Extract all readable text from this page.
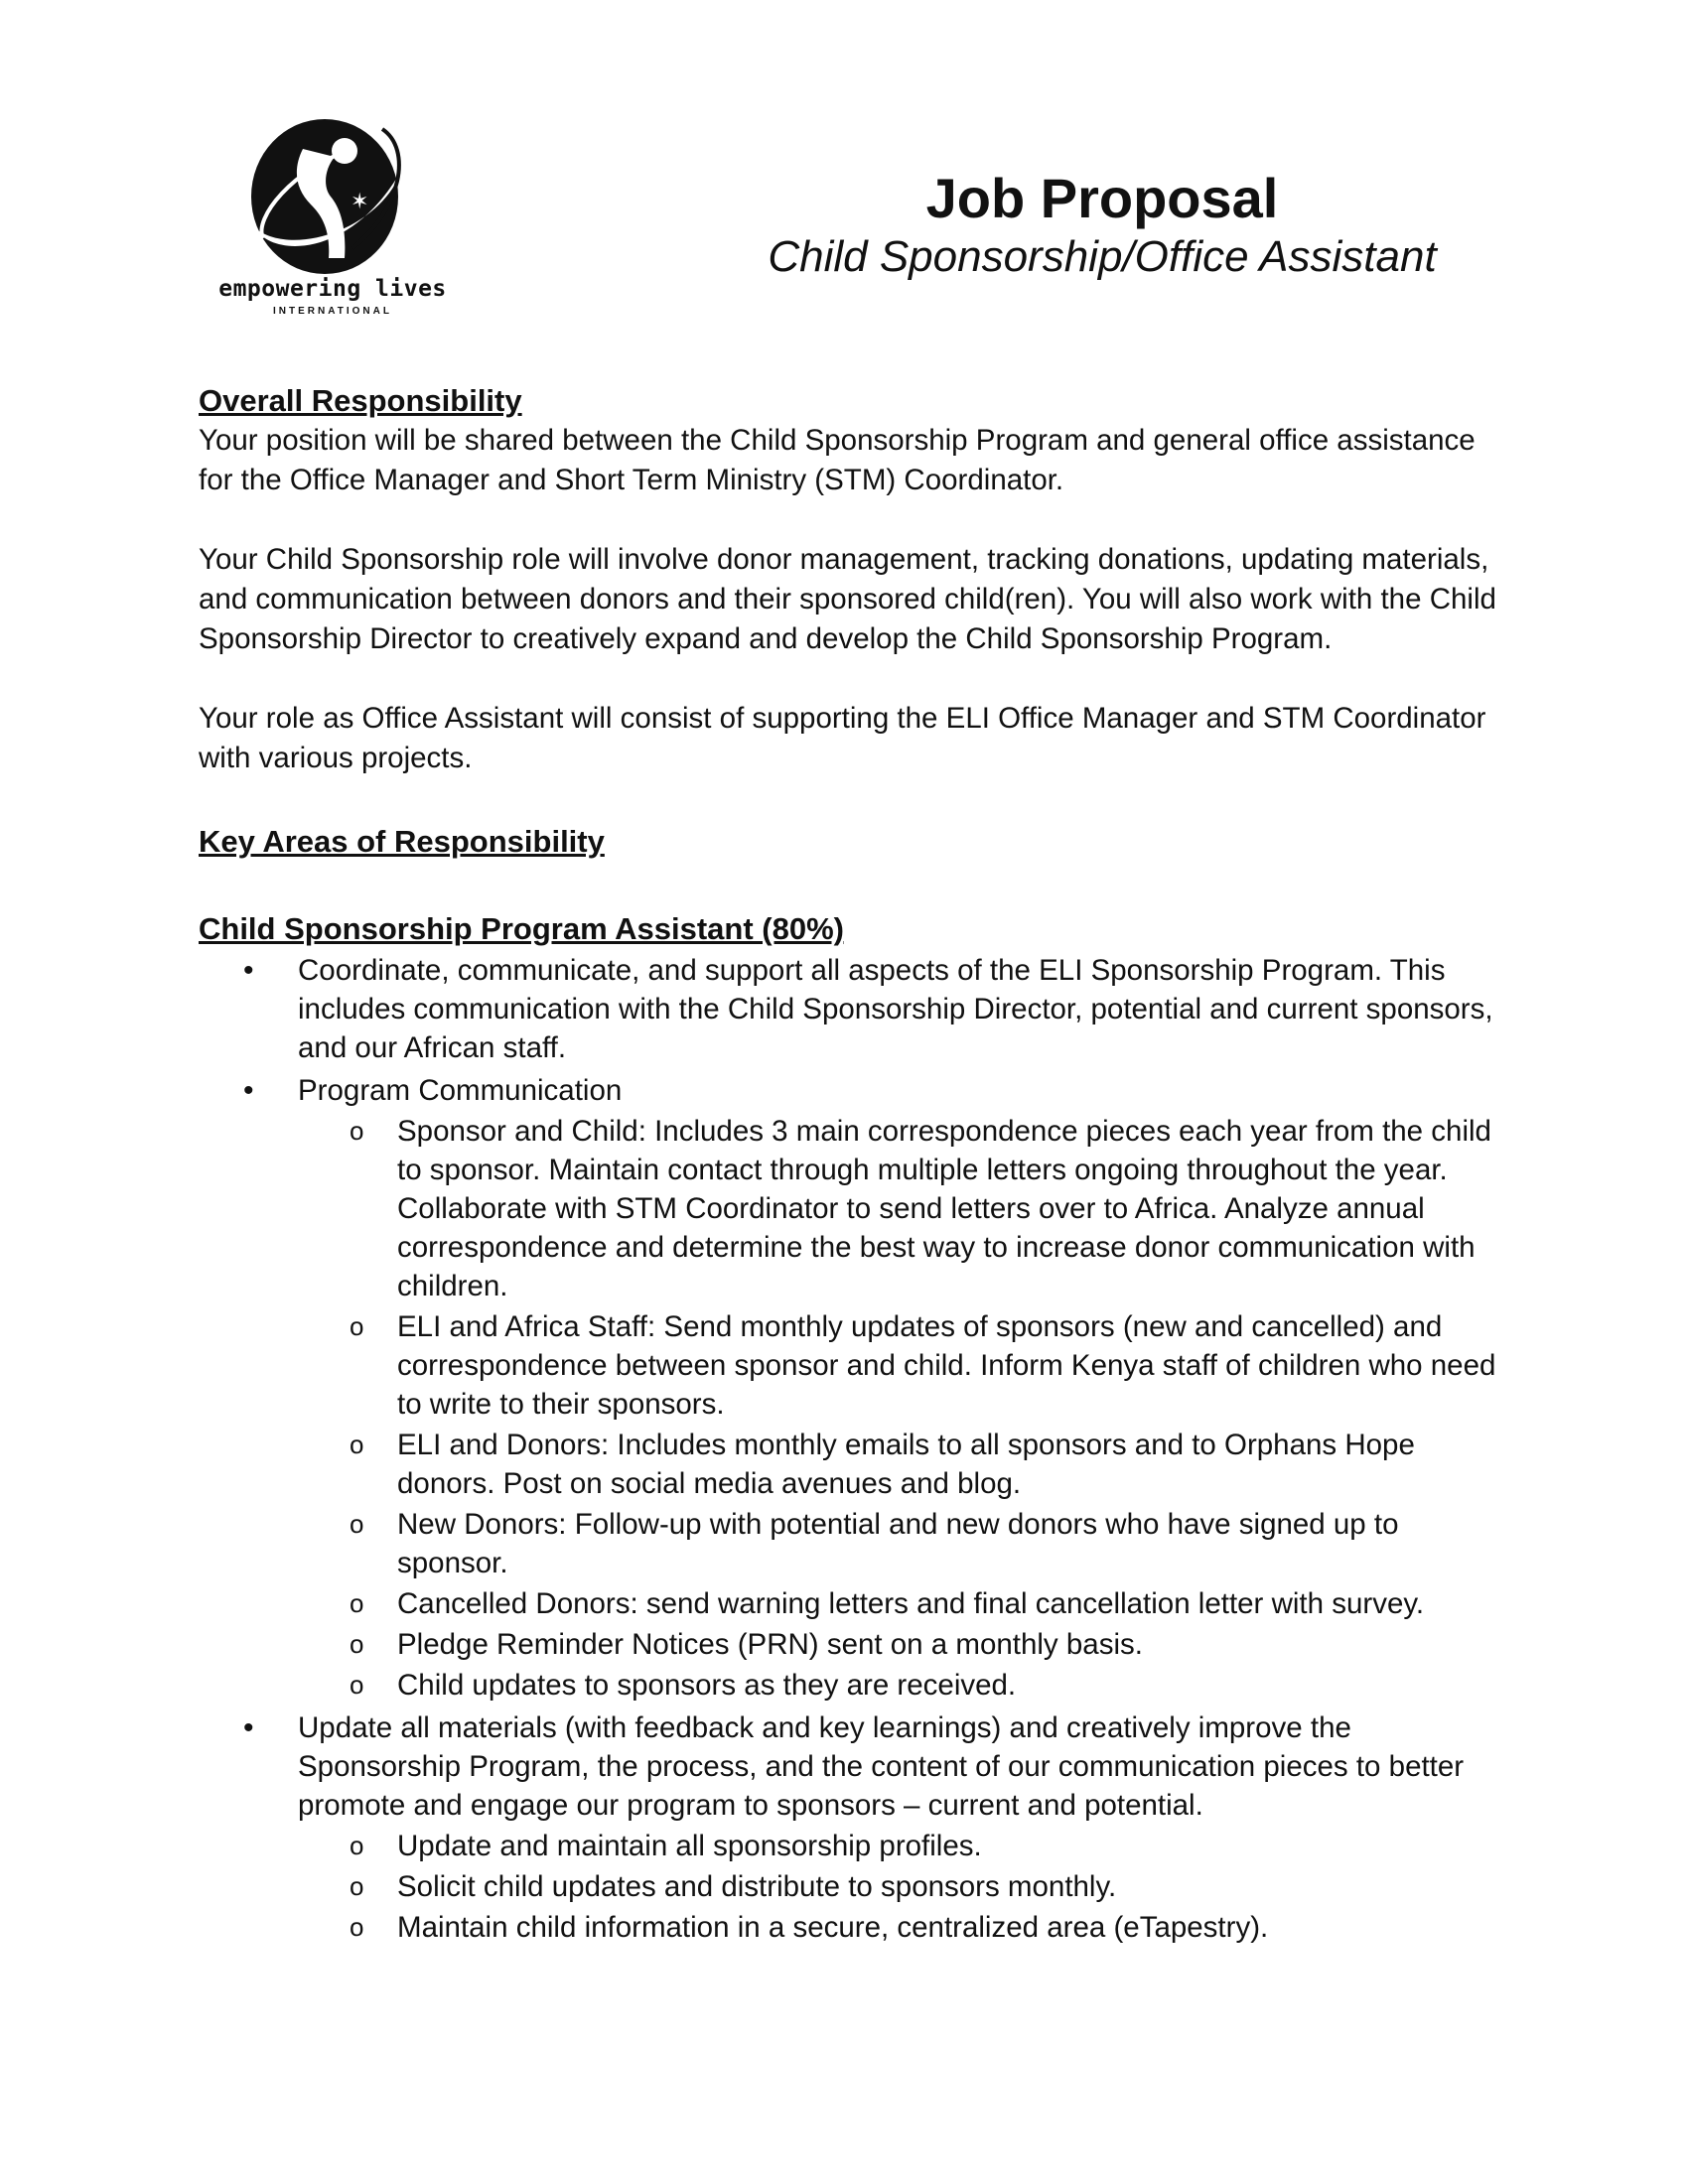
✶
empowering lives
INTERNATIONAL
Job Proposal
Child Sponsorship/Office Assistant
Overall Responsibility

Your position will be shared between the Child Sponsorship Program and general office assistance for the Office Manager and Short Term Ministry (STM) Coordinator.

Your Child Sponsorship role will involve donor management, tracking donations, updating materials, and communication between donors and their sponsored child(ren). You will also work with the Child Sponsorship Director to creatively expand and develop the Child Sponsorship Program.

Your role as Office Assistant will consist of supporting the ELI Office Manager and STM Coordinator with various projects.

Key Areas of Responsibility
Child Sponsorship Program Assistant (80%)
• Coordinate, communicate, and support all aspects of the ELI Sponsorship Program. This includes communication with the Child Sponsorship Director, potential and current sponsors, and our African staff.
• Program Communication
o Sponsor and Child: Includes 3 main correspondence pieces each year from the child to sponsor. Maintain contact through multiple letters ongoing throughout the year. Collaborate with STM Coordinator to send letters over to Africa. Analyze annual correspondence and determine the best way to increase donor communication with children.
o ELI and Africa Staff: Send monthly updates of sponsors (new and cancelled) and correspondence between sponsor and child. Inform Kenya staff of children who need to write to their sponsors.
o ELI and Donors: Includes monthly emails to all sponsors and to Orphans Hope donors. Post on social media avenues and blog.
o New Donors: Follow-up with potential and new donors who have signed up to sponsor.
o Cancelled Donors: send warning letters and final cancellation letter with survey.
o Pledge Reminder Notices (PRN) sent on a monthly basis.
o Child updates to sponsors as they are received.
• Update all materials (with feedback and key learnings) and creatively improve the Sponsorship Program, the process, and the content of our communication pieces to better promote and engage our program to sponsors – current and potential.
o Update and maintain all sponsorship profiles.
o Solicit child updates and distribute to sponsors monthly.
o Maintain child information in a secure, centralized area (eTapestry).
